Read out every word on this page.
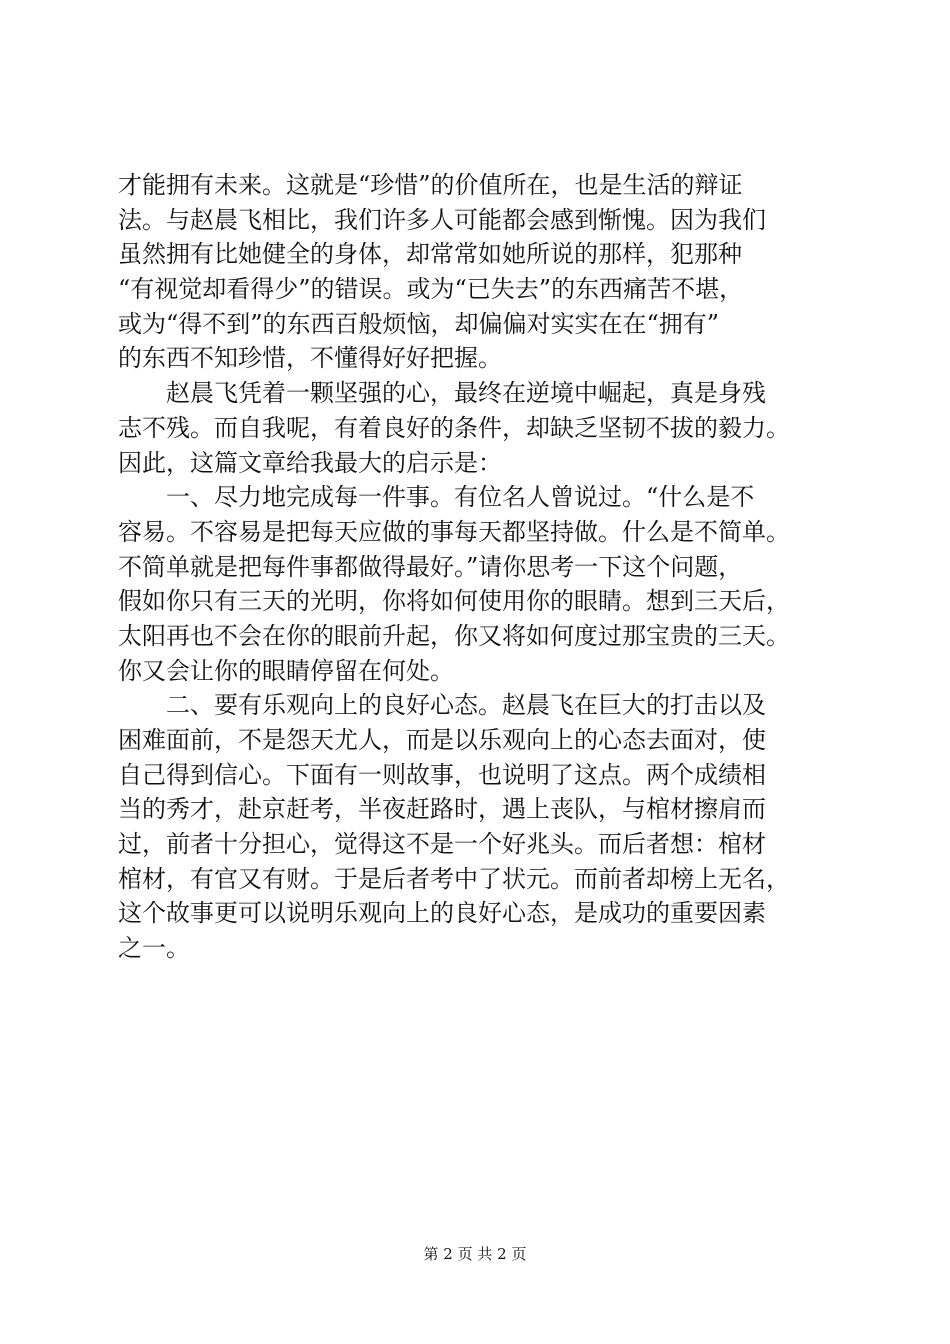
才能拥有未来。这就是“珍惜”的价值所在，也是生活的辩证
法。与赵晨飞相比，我们许多人可能都会感到惭愧。因为我们
虽然拥有比她健全的身体，却常常如她所说的那样，犯那种
“有视觉却看得少”的错误。或为“已失去”的东西痛苦不堪，
或为“得不到”的东西百般烦恼，却偏偏对实实在在“拥有”
的东西不知珍惜，不懂得好好把握。
　　赵晨飞凭着一颗坚强的心，最终在逆境中崛起，真是身残
志不残。而自我呢，有着良好的条件，却缺乏坚韧不拔的毅力。
因此，这篇文章给我最大的启示是：
　　一、尽力地完成每一件事。有位名人曾说过。“什么是不
容易。不容易是把每天应做的事每天都坚持做。什么是不简单。
不简单就是把每件事都做得最好。”请你思考一下这个问题，
假如你只有三天的光明，你将如何使用你的眼睛。想到三天后，
太阳再也不会在你的眼前升起，你又将如何度过那宝贵的三天。
你又会让你的眼睛停留在何处。
　　二、要有乐观向上的良好心态。赵晨飞在巨大的打击以及
困难面前，不是怨天尤人，而是以乐观向上的心态去面对，使
自己得到信心。下面有一则故事，也说明了这点。两个成绩相
当的秀才，赴京赶考，半夜赶路时，遇上丧队，与棺材擦肩而
过，前者十分担心，觉得这不是一个好兆头。而后者想：棺材
棺材，有官又有财。于是后者考中了状元。而前者却榜上无名，
这个故事更可以说明乐观向上的良好心态，是成功的重要因素
之一。
第 2 页 共 2 页
